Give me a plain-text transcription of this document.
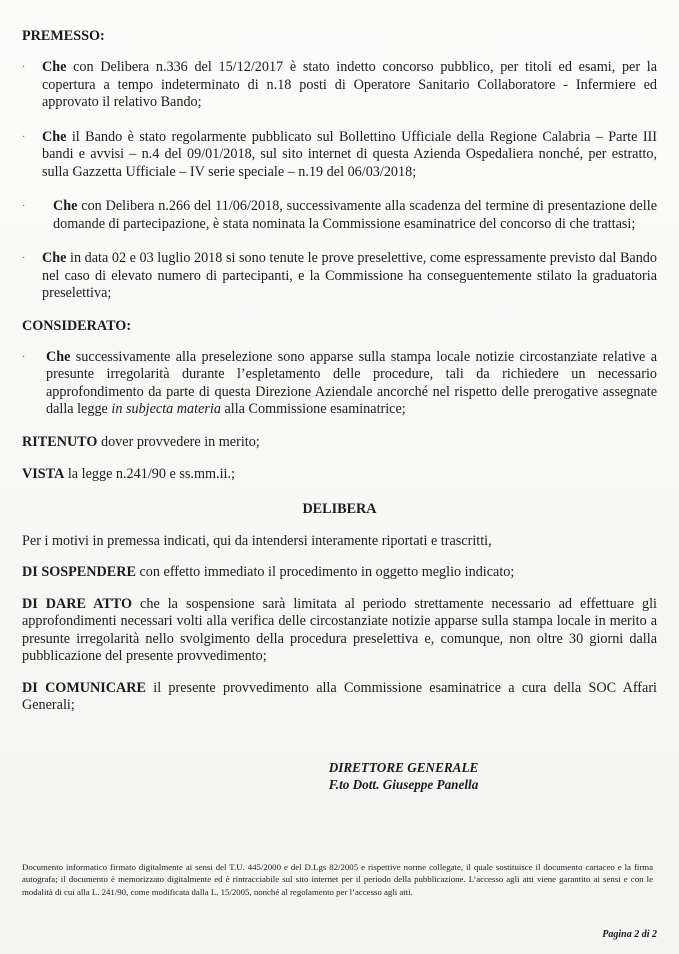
PREMESSO:

· Che con Delibera n.336 del 15/12/2017 è stato indetto concorso pubblico, per titoli ed esami, per la copertura a tempo indeterminato di n.18 posti di Operatore Sanitario Collaboratore - Infermiere ed approvato il relativo Bando;

· Che il Bando è stato regolarmente pubblicato sul Bollettino Ufficiale della Regione Calabria – Parte III bandi e avvisi – n.4 del 09/01/2018, sul sito internet di questa Azienda Ospedaliera nonché, per estratto, sulla Gazzetta Ufficiale – IV serie speciale – n.19 del 06/03/2018;

· Che con Delibera n.266 del 11/06/2018, successivamente alla scadenza del termine di presentazione delle domande di partecipazione, è stata nominata la Commissione esaminatrice del concorso di che trattasi;

· Che in data 02 e 03 luglio 2018 si sono tenute le prove preselettive, come espressamente previsto dal Bando nel caso di elevato numero di partecipanti, e la Commissione ha conseguentemente stilato la graduatoria preselettiva;

CONSIDERATO:

· Che successivamente alla preselezione sono apparse sulla stampa locale notizie circostanziate relative a presunte irregolarità durante l’espletamento delle procedure, tali da richiedere un necessario approfondimento da parte di questa Direzione Aziendale ancorché nel rispetto delle prerogative assegnate dalla legge in subjecta materia alla Commissione esaminatrice;

RITENUTO dover provvedere in merito;

VISTA la legge n.241/90 e ss.mm.ii.;

DELIBERA

Per i motivi in premessa indicati, qui da intendersi interamente riportati e trascritti,

DI SOSPENDERE con effetto immediato il procedimento in oggetto meglio indicato;

DI DARE ATTO che la sospensione sarà limitata al periodo strettamente necessario ad effettuare gli approfondimenti necessari volti alla verifica delle circostanziate notizie apparse sulla stampa locale in merito a presunte irregolarità nello svolgimento della procedura preselettiva e, comunque, non oltre 30 giorni dalla pubblicazione del presente provvedimento;

DI COMUNICARE il presente provvedimento alla Commissione esaminatrice a cura della SOC Affari Generali;

DIRETTORE GENERALE
F.to Dott. Giuseppe Panella

Documento informatico firmato digitalmente ai sensi del T.U. 445/2000 e del D.Lgs 82/2005 e rispettive norme collegate, il quale sostituisce il documento cartaceo e la firma autografa; il documento è memorizzato digitalmente ed è rintracciabile sul sito internet per il periodo della pubblicazione. L’accesso agli atti viene garantito ai sensi e con le modalità di cui alla L. 241/90, come modificata dalla L. 15/2005, nonché al regolamento per l’accesso agli atti.

Pagina 2 di 2
